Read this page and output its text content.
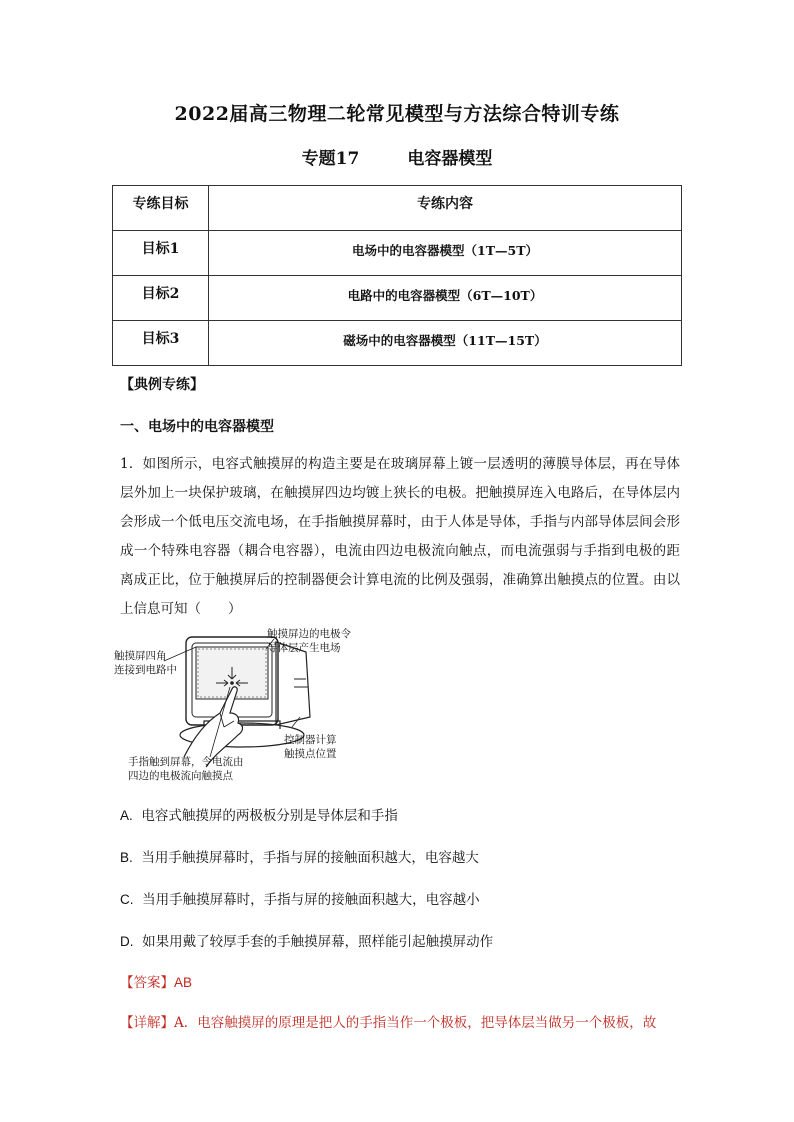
2022届高三物理二轮常见模型与方法综合特训专练
专题17	电容器模型
专练目标	专练内容

目标1	电场中的电容器模型（1T—5T）

目标2	电路中的电容器模型（6T—10T）

目标3	磁场中的电容器模型（11T—15T）
【典例专练】
一、电场中的电容器模型
1．如图所示，电容式触摸屏的构造主要是在玻璃屏幕上镀一层透明的薄膜导体层，再在导体层外加上一块保护玻璃，在触摸屏四边均镀上狭长的电极。把触摸屏连入电路后，在导体层内会形成一个低电压交流电场，在手指触摸屏幕时，由于人体是导体，手指与内部导体层间会形成一个特殊电容器（耦合电容器），电流由四边电极流向触点，而电流强弱与手指到电极的距离成正比，位于触摸屏后的控制器便会计算电流的比例及强弱，准确算出触摸点的位置。由以上信息可知（　　）
触摸屏四角
连接到电路中
触摸屏边的电极令
导体层产生电场
控制器计算
触摸点位置
手指触到屏幕，令电流由
四边的电极流向触摸点
A. 电容式触摸屏的两极板分别是导体层和手指
B. 当用手触摸屏幕时，手指与屏的接触面积越大，电容越大
C. 当用手触摸屏幕时，手指与屏的接触面积越大，电容越小
D. 如果用戴了较厚手套的手触摸屏幕，照样能引起触摸屏动作
【答案】AB
【详解】A．电容触摸屏的原理是把人的手指当作一个极板，把导体层当做另一个极板，故
